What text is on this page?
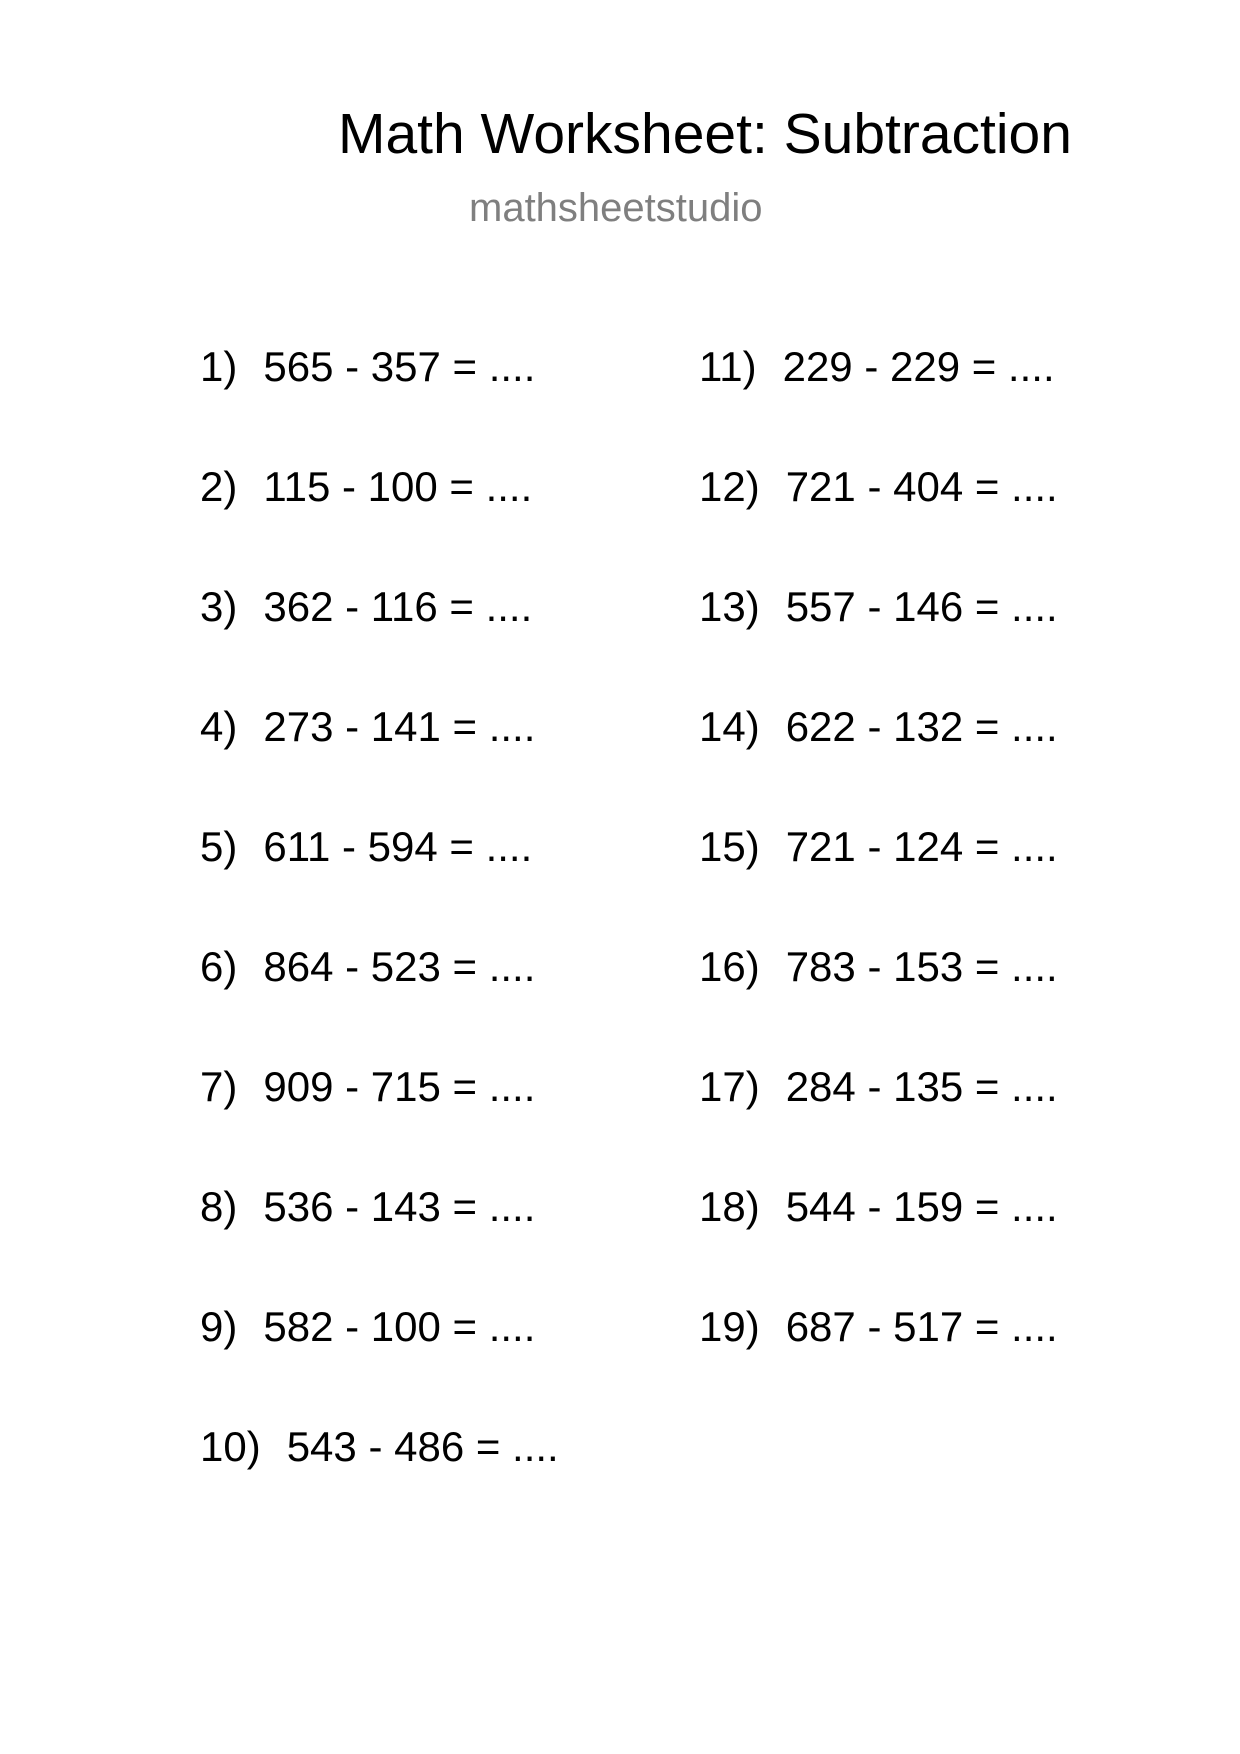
Math Worksheet: Subtraction
mathsheetstudio
1) 565 - 357 = ....
2) 115 - 100 = ....
3) 362 - 116 = ....
4) 273 - 141 = ....
5) 611 - 594 = ....
6) 864 - 523 = ....
7) 909 - 715 = ....
8) 536 - 143 = ....
9) 582 - 100 = ....
10) 543 - 486 = ....
11) 229 - 229 = ....
12) 721 - 404 = ....
13) 557 - 146 = ....
14) 622 - 132 = ....
15) 721 - 124 = ....
16) 783 - 153 = ....
17) 284 - 135 = ....
18) 544 - 159 = ....
19) 687 - 517 = ....
